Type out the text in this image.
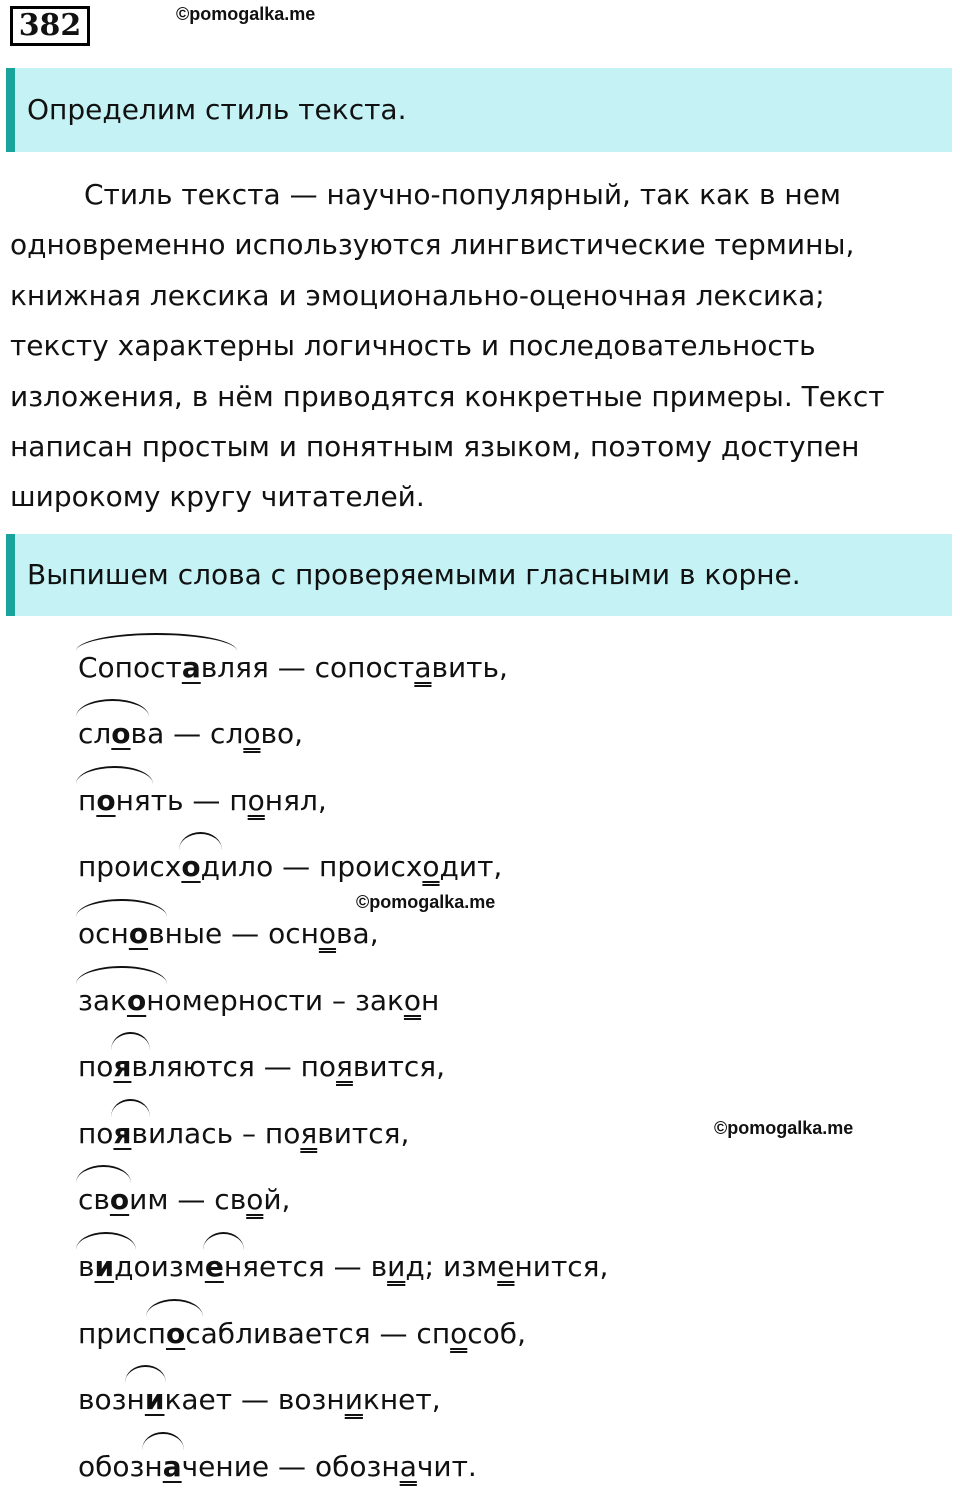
382	©pomogalka.me
Определим стиль текста.
Стиль текста — научно-популярный, так как в нем
одновременно используются лингвистические термины,
книжная лексика и эмоционально-оценочная лексика;
тексту характерны логичность и последовательность
изложения, в нём приводятся конкретные примеры. Текст
написан простым и понятным языком, поэтому доступен
широкому кругу читателей.
Выпишем слова с проверяемыми гласными в корне.
Сопоставляя — сопоставить,
слова — слово,
понять — понял,
происходило — происходит,
основные — основа,
закономерности – закон
появляются — появится,
появилась – появится,
своим — свой,
видоизменяется — вид; изменится,
приспосабливается — способ,
возникает — возникнет,
обозначение — обозначит.
©pomogalka.me
©pomogalka.me
